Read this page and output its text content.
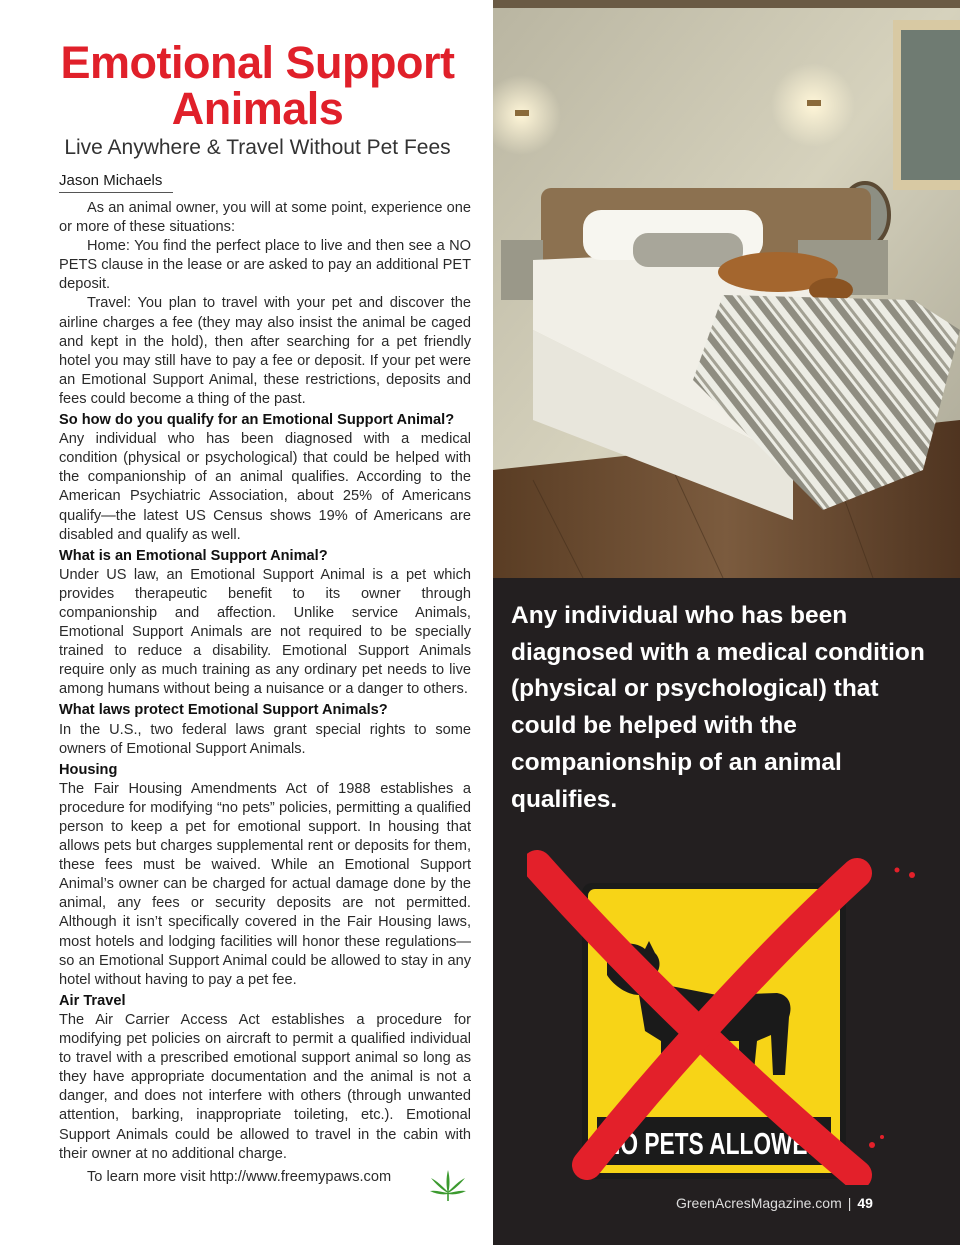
Emotional Support Animals
Live Anywhere & Travel Without Pet Fees
Jason Michaels

As an animal owner, you will at some point, experience one or more of these situations:

Home: You find the perfect place to live and then see a NO PETS clause in the lease or are asked to pay an additional PET deposit.

Travel: You plan to travel with your pet and discover the airline charges a fee (they may also insist the animal be caged and kept in the hold), then after searching for a pet friendly hotel you may still have to pay a fee or deposit. If your pet were an Emotional Support Animal, these restrictions, deposits and fees could become a thing of the past.

So how do you qualify for an Emotional Support Animal?

Any individual who has been diagnosed with a medical condition (physical or psychological) that could be helped with the companionship of an animal qualifies. According to the American Psychiatric Association, about 25% of Americans qualify—the latest US Census shows 19% of Americans are disabled and qualify as well.

What is an Emotional Support Animal?

Under US law, an Emotional Support Animal is a pet which provides therapeutic benefit to its owner through companionship and affection. Unlike service Animals, Emotional Support Animals are not required to be specially trained to reduce a disability. Emotional Support Animals require only as much training as any ordinary pet needs to live among humans without being a nuisance or a danger to others.

What laws protect Emotional Support Animals?

In the U.S., two federal laws grant special rights to some owners of Emotional Support Animals.

Housing

The Fair Housing Amendments Act of 1988 establishes a procedure for modifying “no pets” policies, permitting a qualified person to keep a pet for emotional support. In housing that allows pets but charges supplemental rent or deposits for them, these fees must be waived. While an Emotional Support Animal’s owner can be charged for actual damage done by the animal, any fees or security deposits are not permitted. Although it isn’t specifically covered in the Fair Housing laws, most hotels and lodging facilities will honor these regulations—so an Emotional Support Animal could be allowed to stay in any hotel without having to pay a pet fee.

Air Travel

The Air Carrier Access Act establishes a procedure for modifying pet policies on aircraft to permit a qualified individual to travel with a prescribed emotional support animal so long as they have appropriate documentation and the animal is not a danger, and does not interfere with others (through unwanted attention, barking, inappropriate toileting, etc.). Emotional Support Animals could be allowed to travel in the cabin with their owner at no additional charge.

To learn more visit http://www.freemypaws.com

NO PETS ALLOWED

Any individual who has been diagnosed with a medical condition (physical or psychological) that could be helped with the companionship of an animal qualifies.

GreenAcresMagazine.com | 49
